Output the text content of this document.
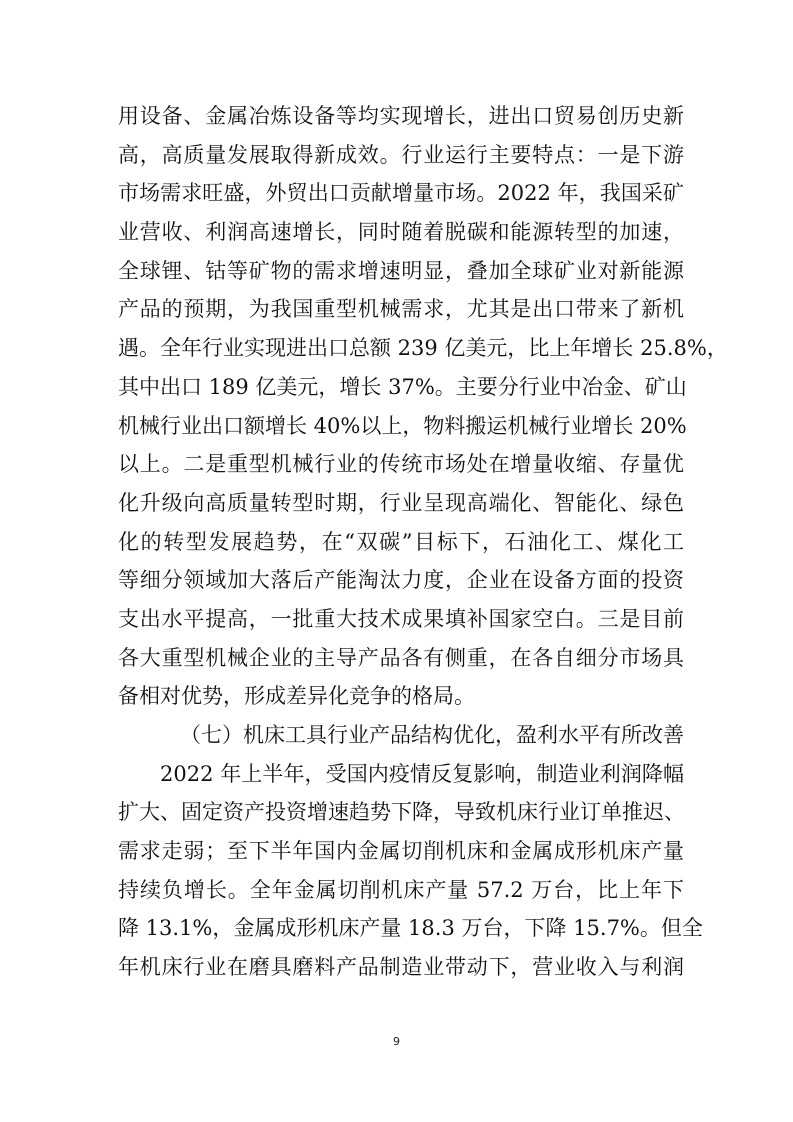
用设备、金属冶炼设备等均实现增长，进出口贸易创历史新
高，高质量发展取得新成效。行业运行主要特点：一是下游
市场需求旺盛，外贸出口贡献增量市场。2022 年，我国采矿
业营收、利润高速增长，同时随着脱碳和能源转型的加速，
全球锂、钴等矿物的需求增速明显，叠加全球矿业对新能源
产品的预期，为我国重型机械需求，尤其是出口带来了新机
遇。全年行业实现进出口总额 239 亿美元，比上年增长 25.8%，
其中出口 189 亿美元，增长 37%。主要分行业中冶金、矿山
机械行业出口额增长 40%以上，物料搬运机械行业增长 20%
以上。二是重型机械行业的传统市场处在增量收缩、存量优
化升级向高质量转型时期，行业呈现高端化、智能化、绿色
化的转型发展趋势，在“双碳”目标下，石油化工、煤化工
等细分领域加大落后产能淘汰力度，企业在设备方面的投资
支出水平提高，一批重大技术成果填补国家空白。三是目前
各大重型机械企业的主导产品各有侧重，在各自细分市场具
备相对优势，形成差异化竞争的格局。
（七）机床工具行业产品结构优化，盈利水平有所改善
2022 年上半年，受国内疫情反复影响，制造业利润降幅
扩大、固定资产投资增速趋势下降，导致机床行业订单推迟、
需求走弱；至下半年国内金属切削机床和金属成形机床产量
持续负增长。全年金属切削机床产量 57.2 万台，比上年下
降 13.1%，金属成形机床产量 18.3 万台，下降 15.7%。但全
年机床行业在磨具磨料产品制造业带动下，营业收入与利润
9
